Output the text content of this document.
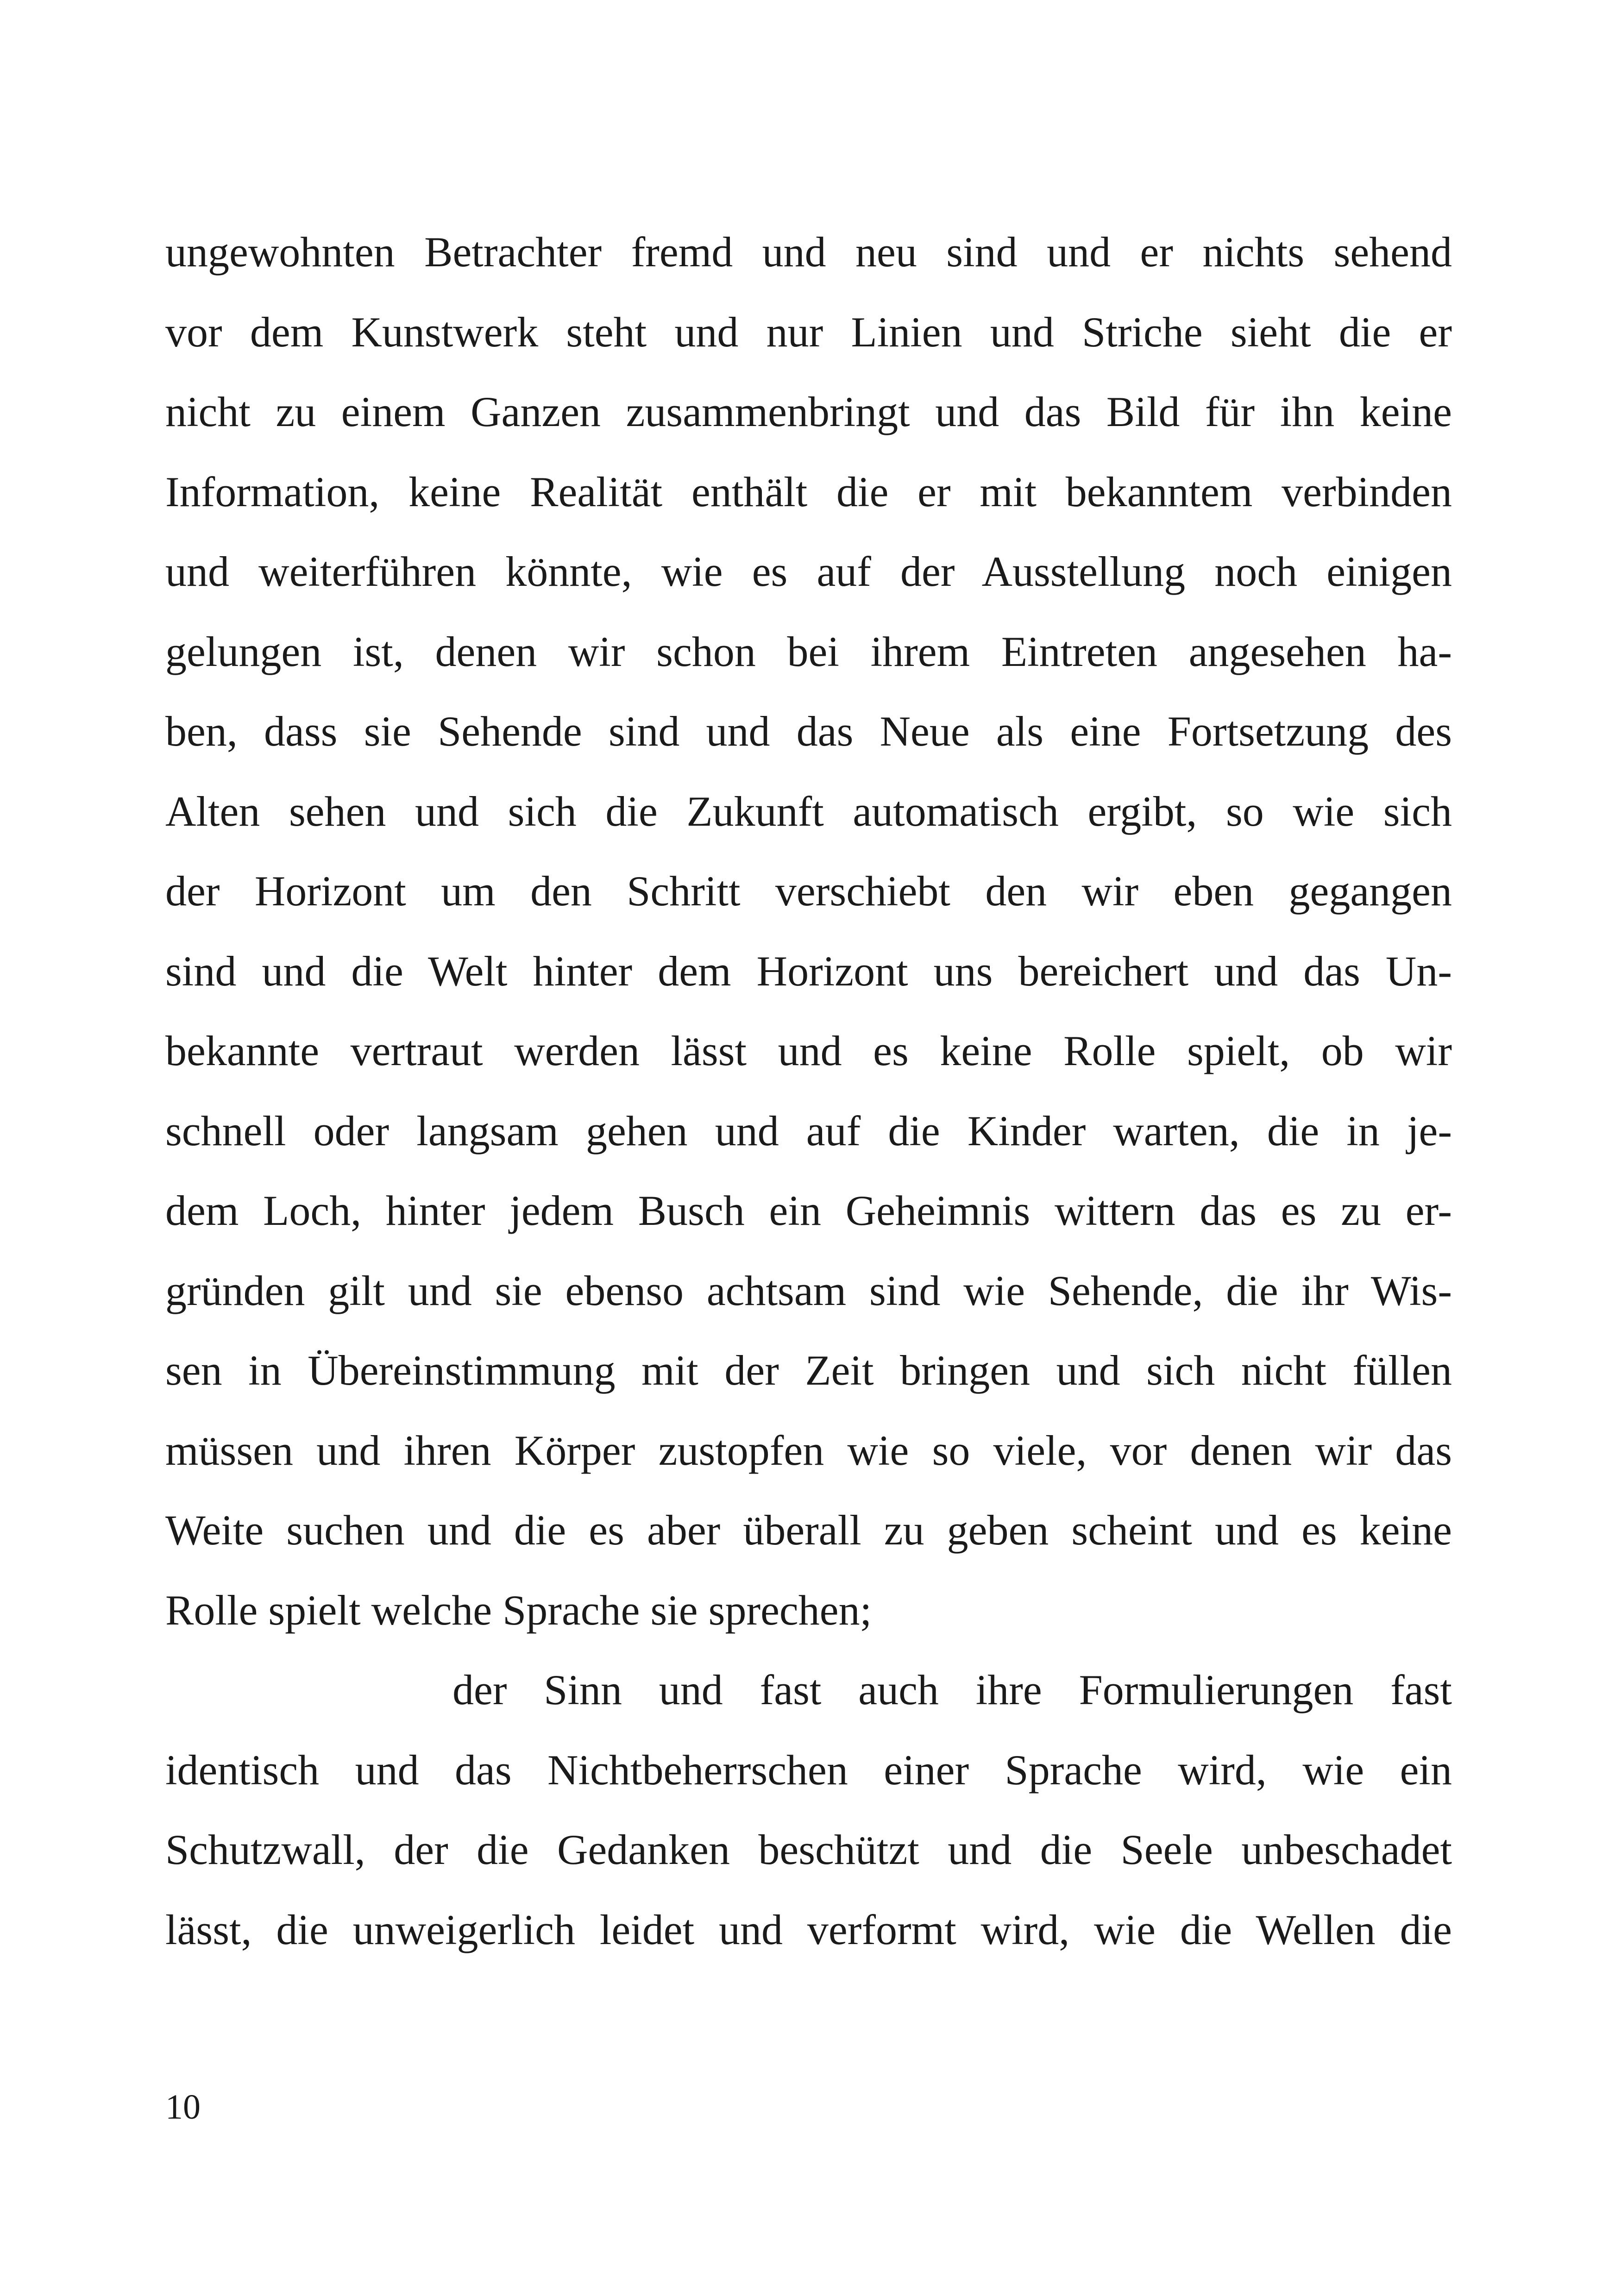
ungewohnten Betrachter fremd und neu sind und er nichts sehend
vor dem Kunstwerk steht und nur Linien und Striche sieht die er
nicht zu einem Ganzen zusammenbringt und das Bild für ihn keine
Information, keine Realität enthält die er mit bekanntem verbinden
und weiterführen könnte, wie es auf der Ausstellung noch einigen
gelungen ist, denen wir schon bei ihrem Eintreten angesehen ha-
ben, dass sie Sehende sind und das Neue als eine Fortsetzung des
Alten sehen und sich die Zukunft automatisch ergibt, so wie sich
der Horizont um den Schritt verschiebt den wir eben gegangen
sind und die Welt hinter dem Horizont uns bereichert und das Un-
bekannte vertraut werden lässt und es keine Rolle spielt, ob wir
schnell oder langsam gehen und auf die Kinder warten, die in je-
dem Loch, hinter jedem Busch ein Geheimnis wittern das es zu er-
gründen gilt und sie ebenso achtsam sind wie Sehende, die ihr Wis-
sen in Übereinstimmung mit der Zeit bringen und sich nicht füllen
müssen und ihren Körper zustopfen wie so viele, vor denen wir das
Weite suchen und die es aber überall zu geben scheint und es keine
Rolle spielt welche Sprache sie sprechen;
der Sinn und fast auch ihre Formulierungen fast
identisch und das Nichtbeherrschen einer Sprache wird, wie ein
Schutzwall, der die Gedanken beschützt und die Seele unbeschadet
lässt, die unweigerlich leidet und verformt wird, wie die Wellen die
10
